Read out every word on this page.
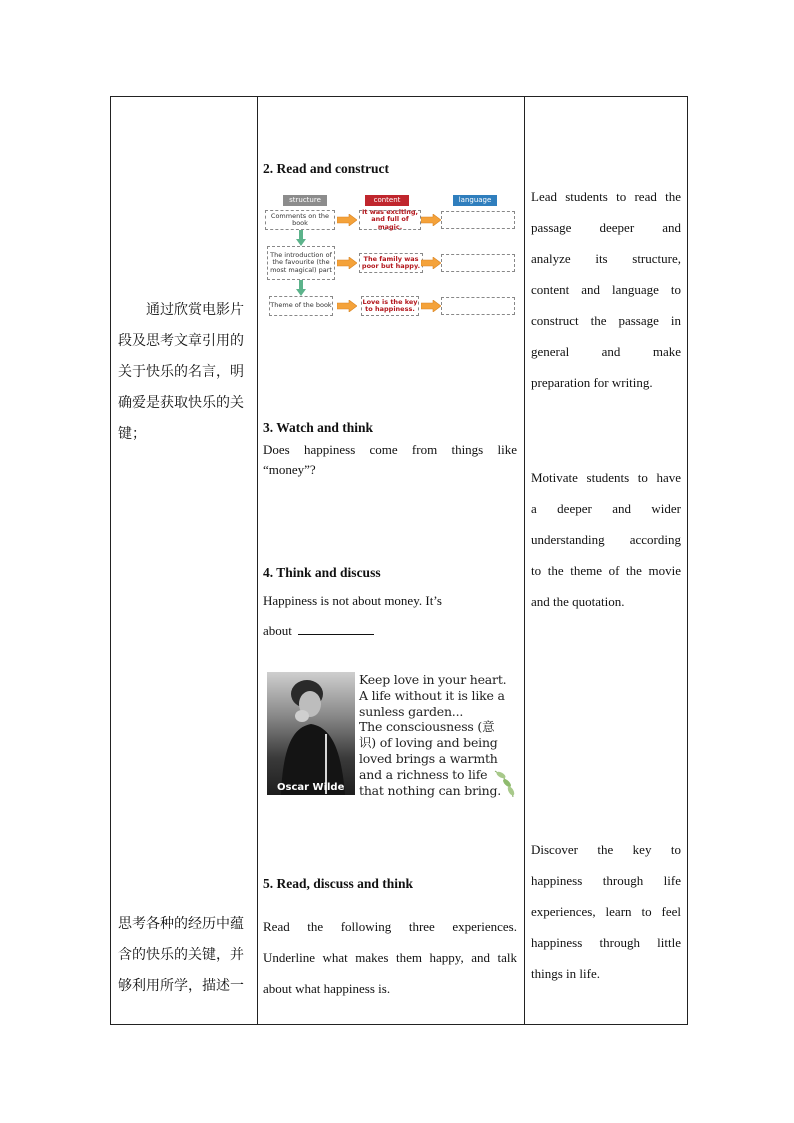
　　通过欣赏电影片
段及思考文章引用的
关于快乐的名言，明
确爱是获取快乐的关
键；
思考各种的经历中蕴
含的快乐的关键，并
够利用所学，描述一
2. Read and construct
structure	content	language
Comments on the book
The introduction of the favourite (the most magical) part
Theme of the book
It was exciting, and full of magic.
The family was poor but happy.
Love is the key to happiness.
3. Watch and think
Does happiness come from things like “money”?
4. Think and discuss
Happiness is not about money. It’s
about
Oscar Wilde
Keep love in your heart.
A life without it is like a
sunless garden...
The consciousness (意
识) of loving and being
loved brings a warmth
and a richness to life
that nothing can bring.
5. Read, discuss and think
Read the following three experiences.
Underline what makes them happy, and talk
about what happiness is.
Lead students to read the
passage deeper and
analyze its structure,
content and language to
construct the passage in
general and make
preparation for writing.
Motivate students to have
a deeper and wider
understanding according
to the theme of the movie
and the quotation.
Discover the key to
happiness through life
experiences, learn to feel
happiness through little
things in life.
